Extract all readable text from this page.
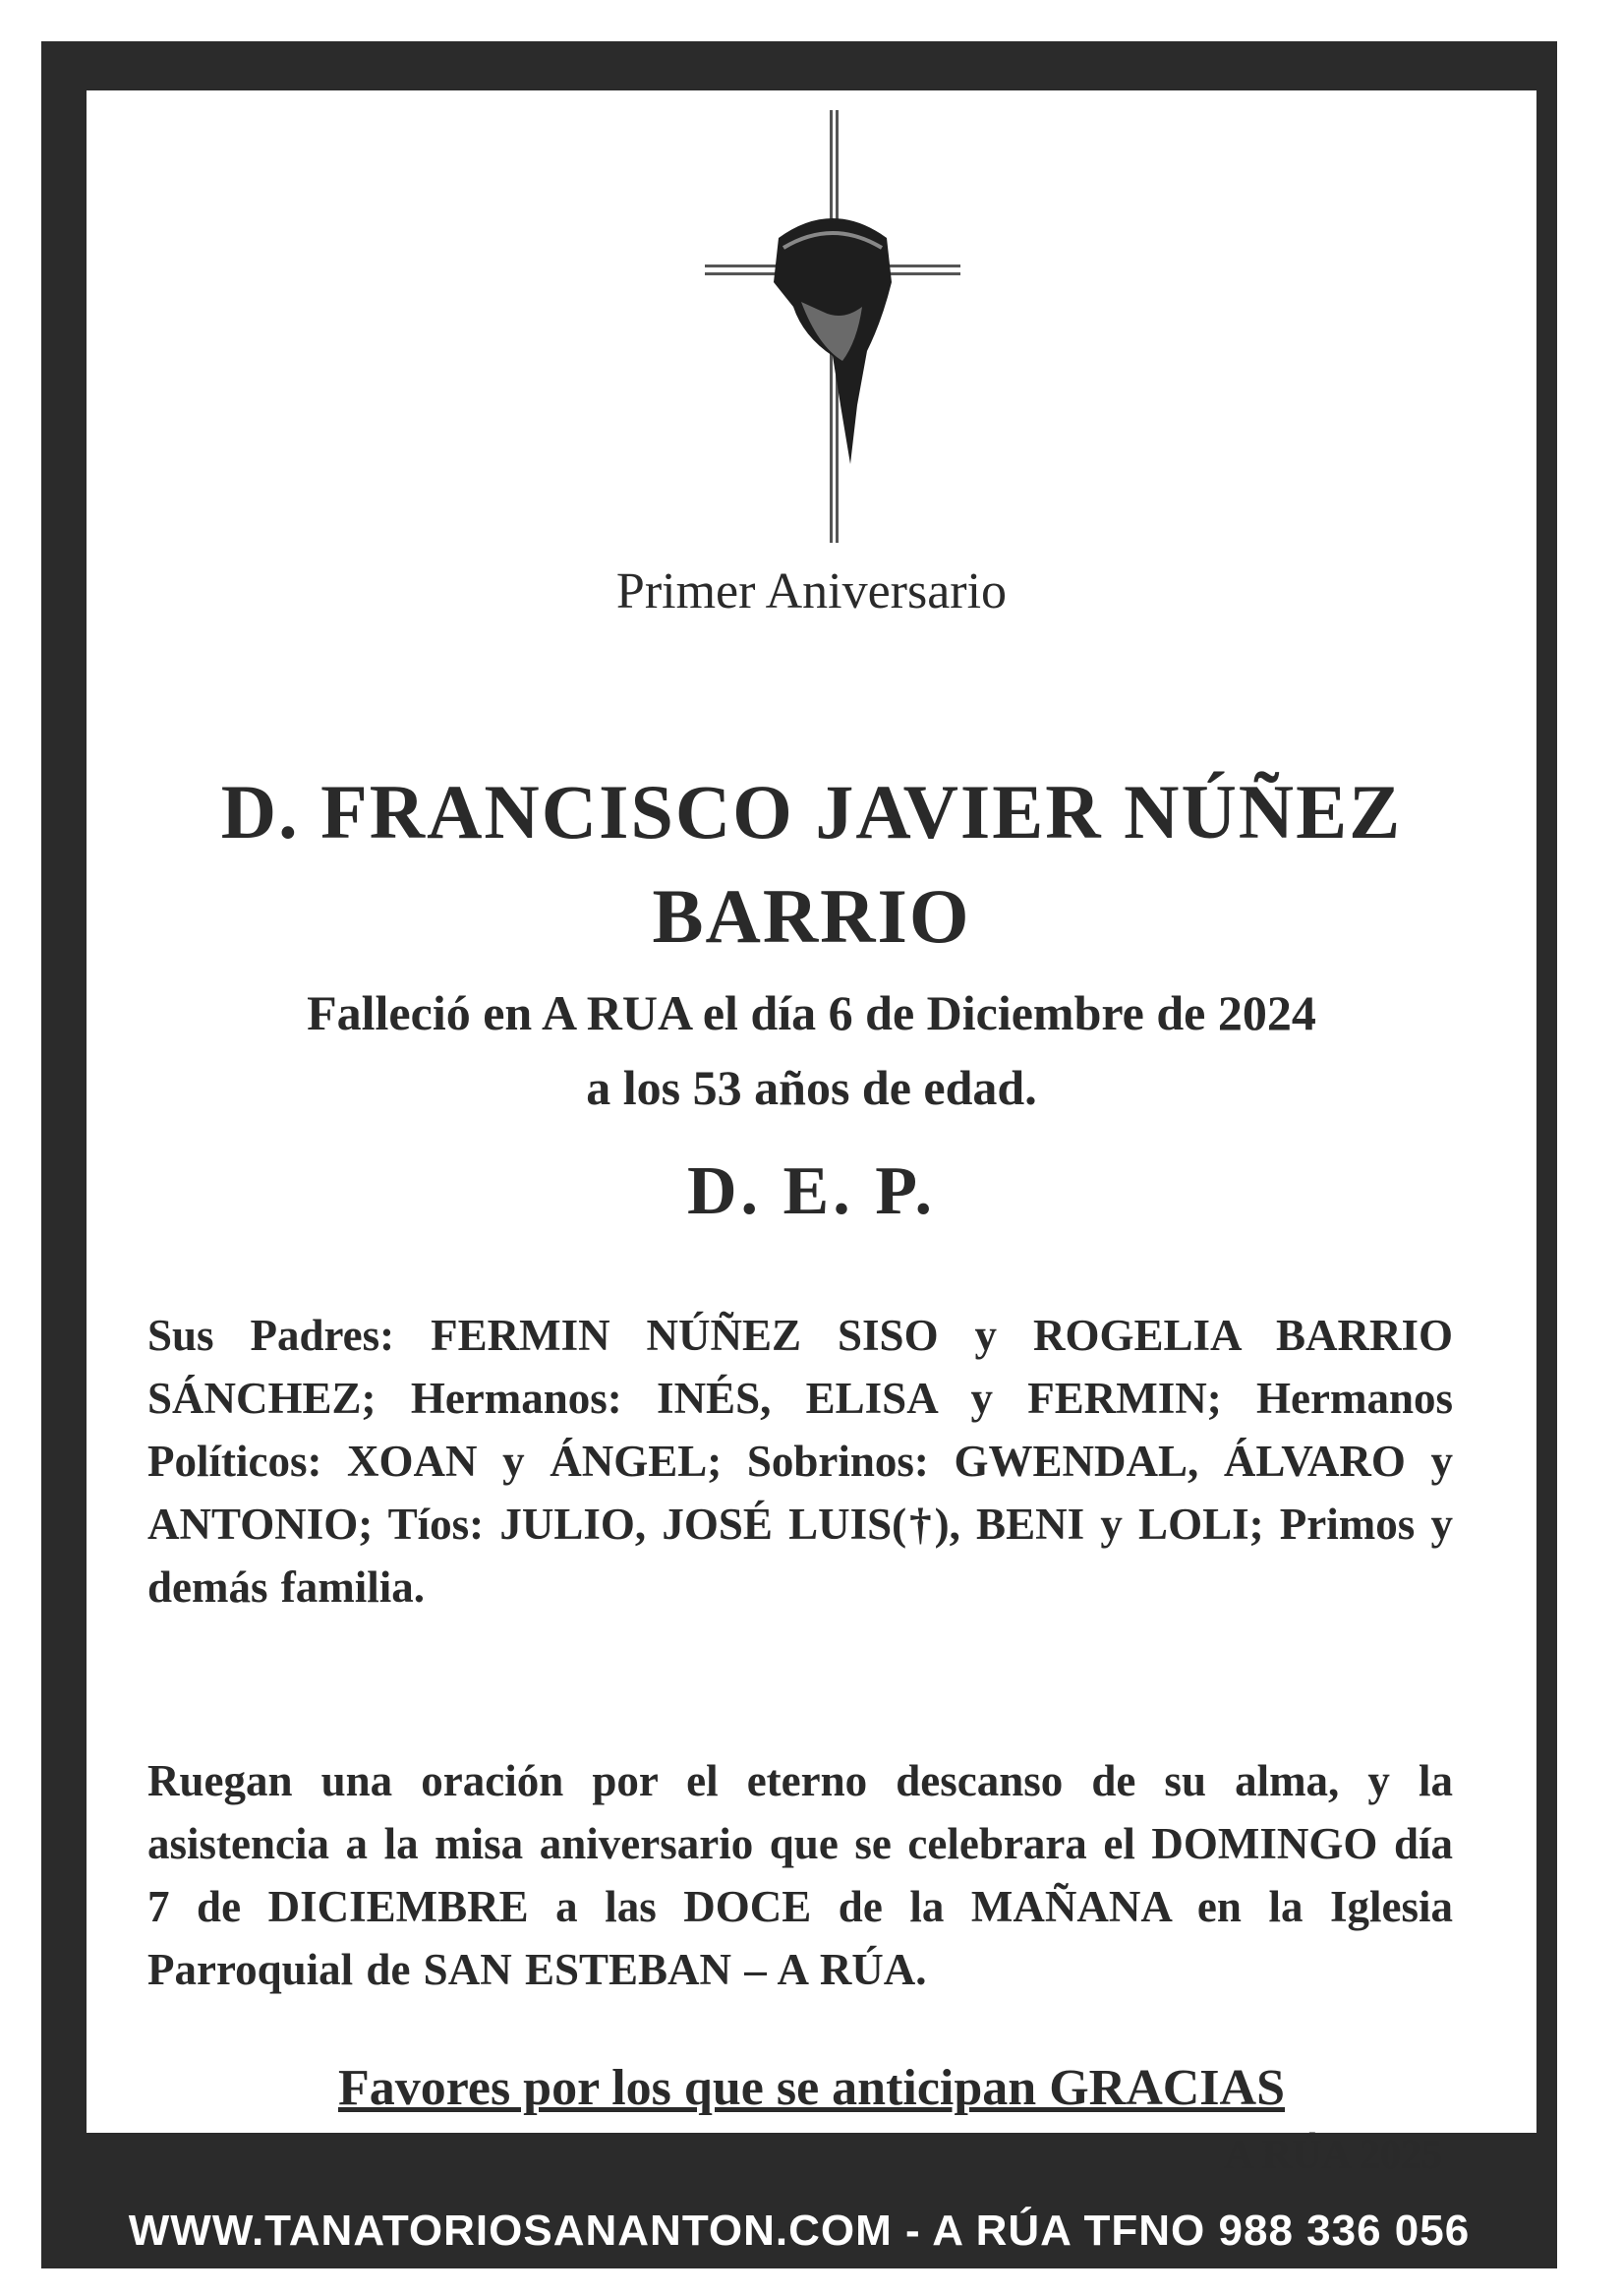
Primer Aniversario
D. FRANCISCO JAVIER NÚÑEZ
BARRIO
Falleció en A RUA el día 6 de Diciembre de 2024
a los 53 años de edad.
D. E. P.
Sus Padres: FERMIN NÚÑEZ SISO y ROGELIA BARRIO SÁNCHEZ; Hermanos: INÉS, ELISA y FERMIN; Hermanos Políticos: XOAN y ÁNGEL; Sobrinos: GWENDAL, ÁLVARO y ANTONIO; Tíos: JULIO, JOSÉ LUIS(†), BENI y LOLI; Primos y demás familia.
Ruegan una oración por el eterno descanso de su alma, y la asistencia a la misa aniversario que se celebrara el DOMINGO día 7 de DICIEMBRE a las DOCE de la MAÑANA en la Iglesia Parroquial de SAN ESTEBAN – A RÚA.
Favores por los que se anticipan GRACIAS
A RÚA 2025
WWW.TANATORIOSANANTON.COM - A RÚA TFNO 988 336 056
